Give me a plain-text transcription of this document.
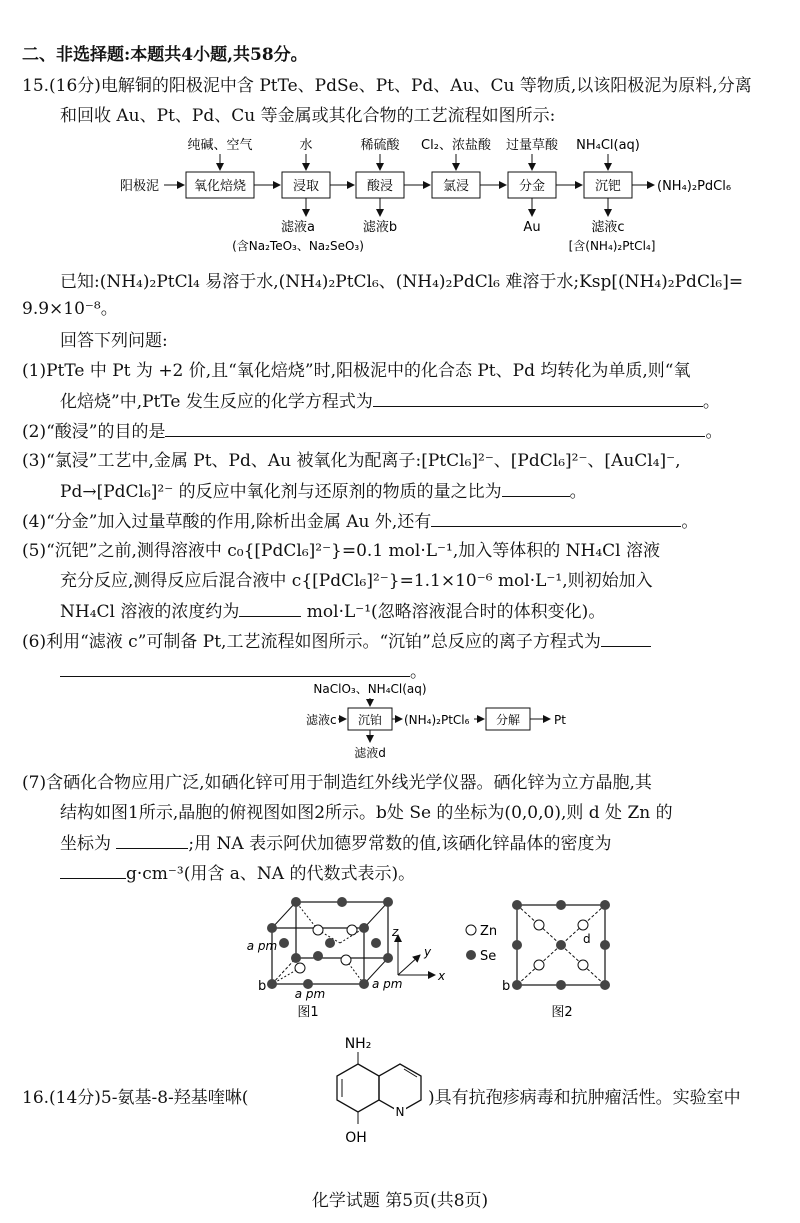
二、非选择题:本题共4小题,共58分。
15.(16分)电解铜的阳极泥中含 PtTe、PdSe、Pt、Pd、Au、Cu 等物质,以该阳极泥为原料,分离
和回收 Au、Pt、Pd、Cu 等金属或其化合物的工艺流程如图所示:
阳极泥	氧化焙烧	浸取	酸浸	氯浸	分金	沉钯	(NH₄)₂PdCl₆
纯碱、空气	水	稀硫酸 Cl₂、浓盐酸 过量草酸 NH₄Cl(aq)
滤液a
(含Na₂TeO₃、Na₂SeO₃)
滤液b	Au	滤液c
[含(NH₄)₂PtCl₄]
已知:(NH₄)₂PtCl₄ 易溶于水,(NH₄)₂PtCl₆、(NH₄)₂PdCl₆ 难溶于水;Ksp[(NH₄)₂PdCl₆]=
9.9×10⁻⁸。
回答下列问题:
(1)PtTe 中 Pt 为 +2 价,且“氧化焙烧”时,阳极泥中的化合态 Pt、Pd 均转化为单质,则“氧
化焙烧”中,PtTe 发生反应的化学方程式为	。
(2)“酸浸”的目的是	。
(3)“氯浸”工艺中,金属 Pt、Pd、Au 被氧化为配离子:[PtCl₆]²⁻、[PdCl₆]²⁻、[AuCl₄]⁻,
Pd→[PdCl₆]²⁻ 的反应中氧化剂与还原剂的物质的量之比为	。
(4)“分金”加入过量草酸的作用,除析出金属 Au 外,还有	。
(5)“沉钯”之前,测得溶液中 c₀{[PdCl₆]²⁻}=0.1 mol·L⁻¹,加入等体积的 NH₄Cl 溶液
充分反应,测得反应后混合液中 c{[PdCl₆]²⁻}=1.1×10⁻⁶ mol·L⁻¹,则初始加入
NH₄Cl 溶液的浓度约为	mol·L⁻¹(忽略溶液混合时的体积变化)。
(6)利用“滤液 c”可制备 Pt,工艺流程如图所示。“沉铂”总反应的离子方程式为
。
NaClO₃、NH₄Cl(aq)
滤液c 沉铂 (NH₄)₂PtCl₆ 分解	Pt
滤液d
(7)含硒化合物应用广泛,如硒化锌可用于制造红外线光学仪器。硒化锌为立方晶胞,其
结构如图1所示,晶胞的俯视图如图2所示。b处 Se 的坐标为(0,0,0),则 d 处 Zn 的
坐标为	;用 NA 表示阿伏加德罗常数的值,该硒化锌晶体的密度为
g·cm⁻³(用含 a、NA 的代数式表示)。
a pm
a pm
a pm
b
图1
z
y
x
Zn
Se
b
d
图2
16.(14分)5-氨基-8-羟基喹啉(
NH₂
OH
N
)具有抗孢疹病毒和抗肿瘤活性。实验室中
化学试题 第5页(共8页)
